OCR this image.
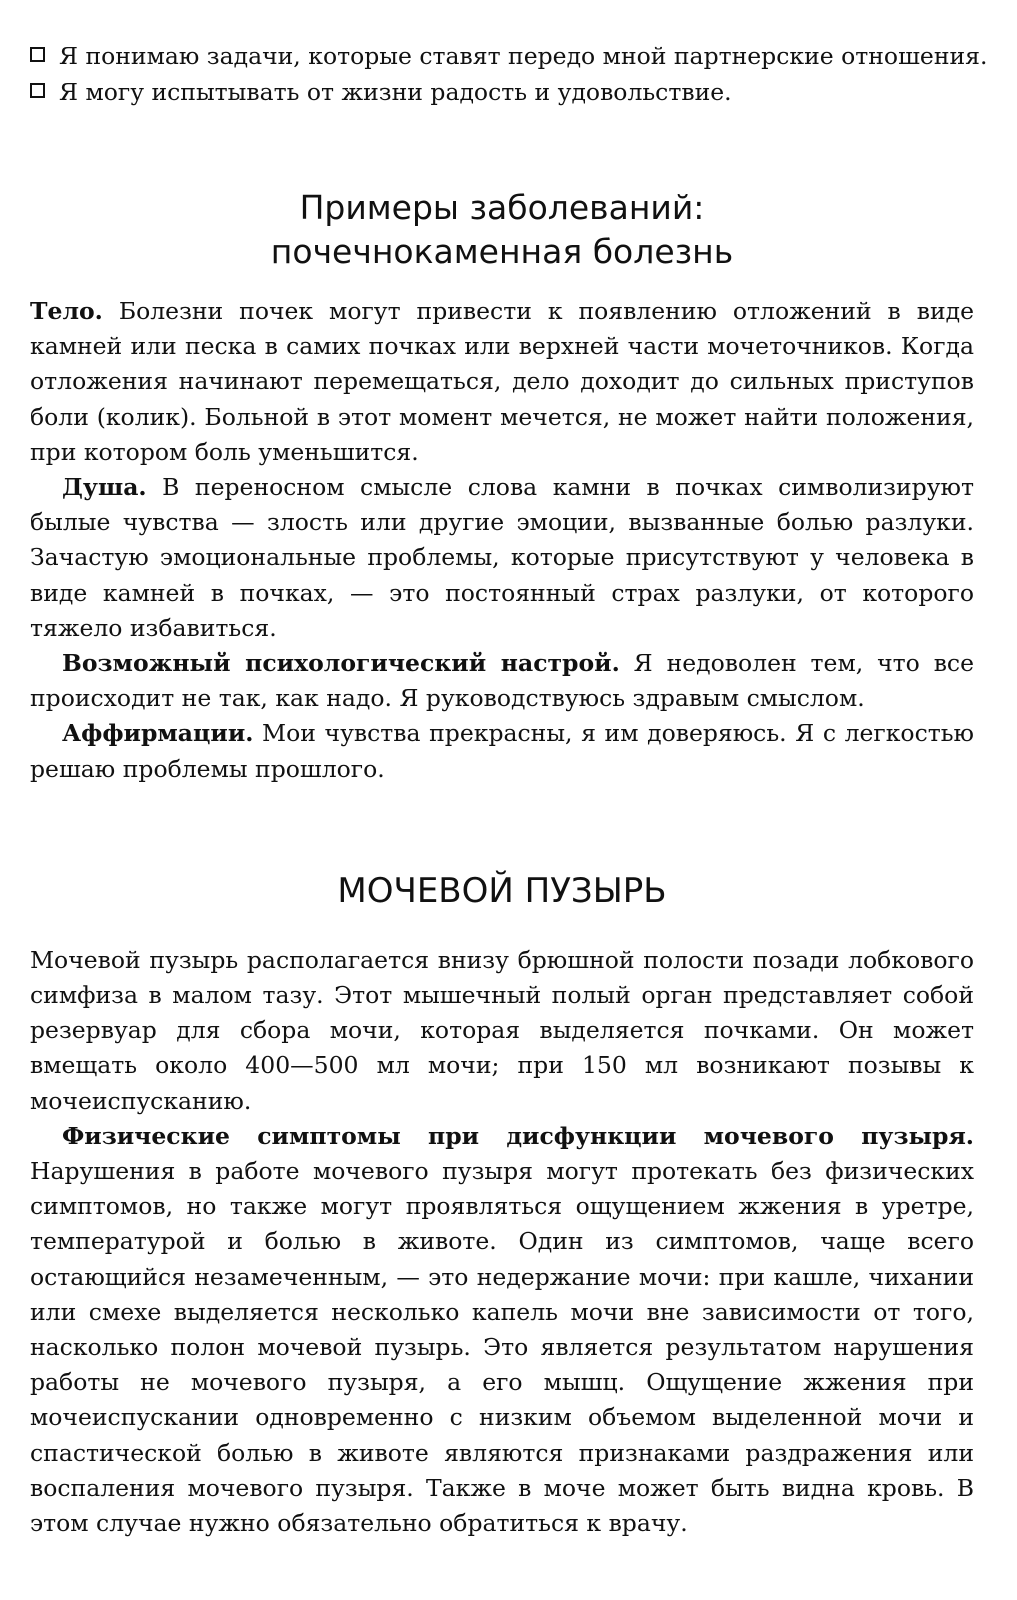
Я понимаю задачи, которые ставят передо мной партнерские отношения.
Я могу испытывать от жизни радость и удовольствие.
Примеры заболеваний:
почечнокаменная болезнь

Тело. Болезни почек могут привести к появлению отложений в виде камней или песка в самих почках или верхней части мочеточников. Когда отложения начинают перемещаться, дело доходит до сильных приступов боли (колик). Больной в этот момент мечется, не может найти положения, при котором боль уменьшится.

Душа. В переносном смысле слова камни в почках символизируют былые чувства — злость или другие эмоции, вызванные болью разлуки. Зачастую эмоциональные проблемы, которые присутствуют у человека в виде камней в почках, — это постоянный страх разлуки, от которого тяжело избавиться.

Возможный психологический настрой. Я недоволен тем, что все происходит не так, как надо. Я руководствуюсь здравым смыслом.

Аффирмации. Мои чувства прекрасны, я им доверяюсь. Я с легкостью решаю проблемы прошлого.

МОЧЕВОЙ ПУЗЫРЬ

Мочевой пузырь располагается внизу брюшной полости позади лобкового симфиза в малом тазу. Этот мышечный полый орган представляет собой резервуар для сбора мочи, которая выделяется почками. Он может вмещать около 400—500 мл мочи; при 150 мл возникают позывы к мочеиспусканию.

Физические симптомы при дисфункции мочевого пузыря. Нарушения в работе мочевого пузыря могут протекать без физических симптомов, но также могут проявляться ощущением жжения в уретре, температурой и болью в животе. Один из симптомов, чаще всего остающийся незамеченным, — это недержание мочи: при кашле, чихании или смехе выделяется несколько капель мочи вне зависимости от того, насколько полон мочевой пузырь. Это является результатом нарушения работы не мочевого пузыря, а его мышц. Ощущение жжения при мочеиспускании одновременно с низким объемом выделенной мочи и спастической болью в животе являются признаками раздражения или воспаления мочевого пузыря. Также в моче может быть видна кровь. В этом случае нужно обязательно обратиться к врачу.
